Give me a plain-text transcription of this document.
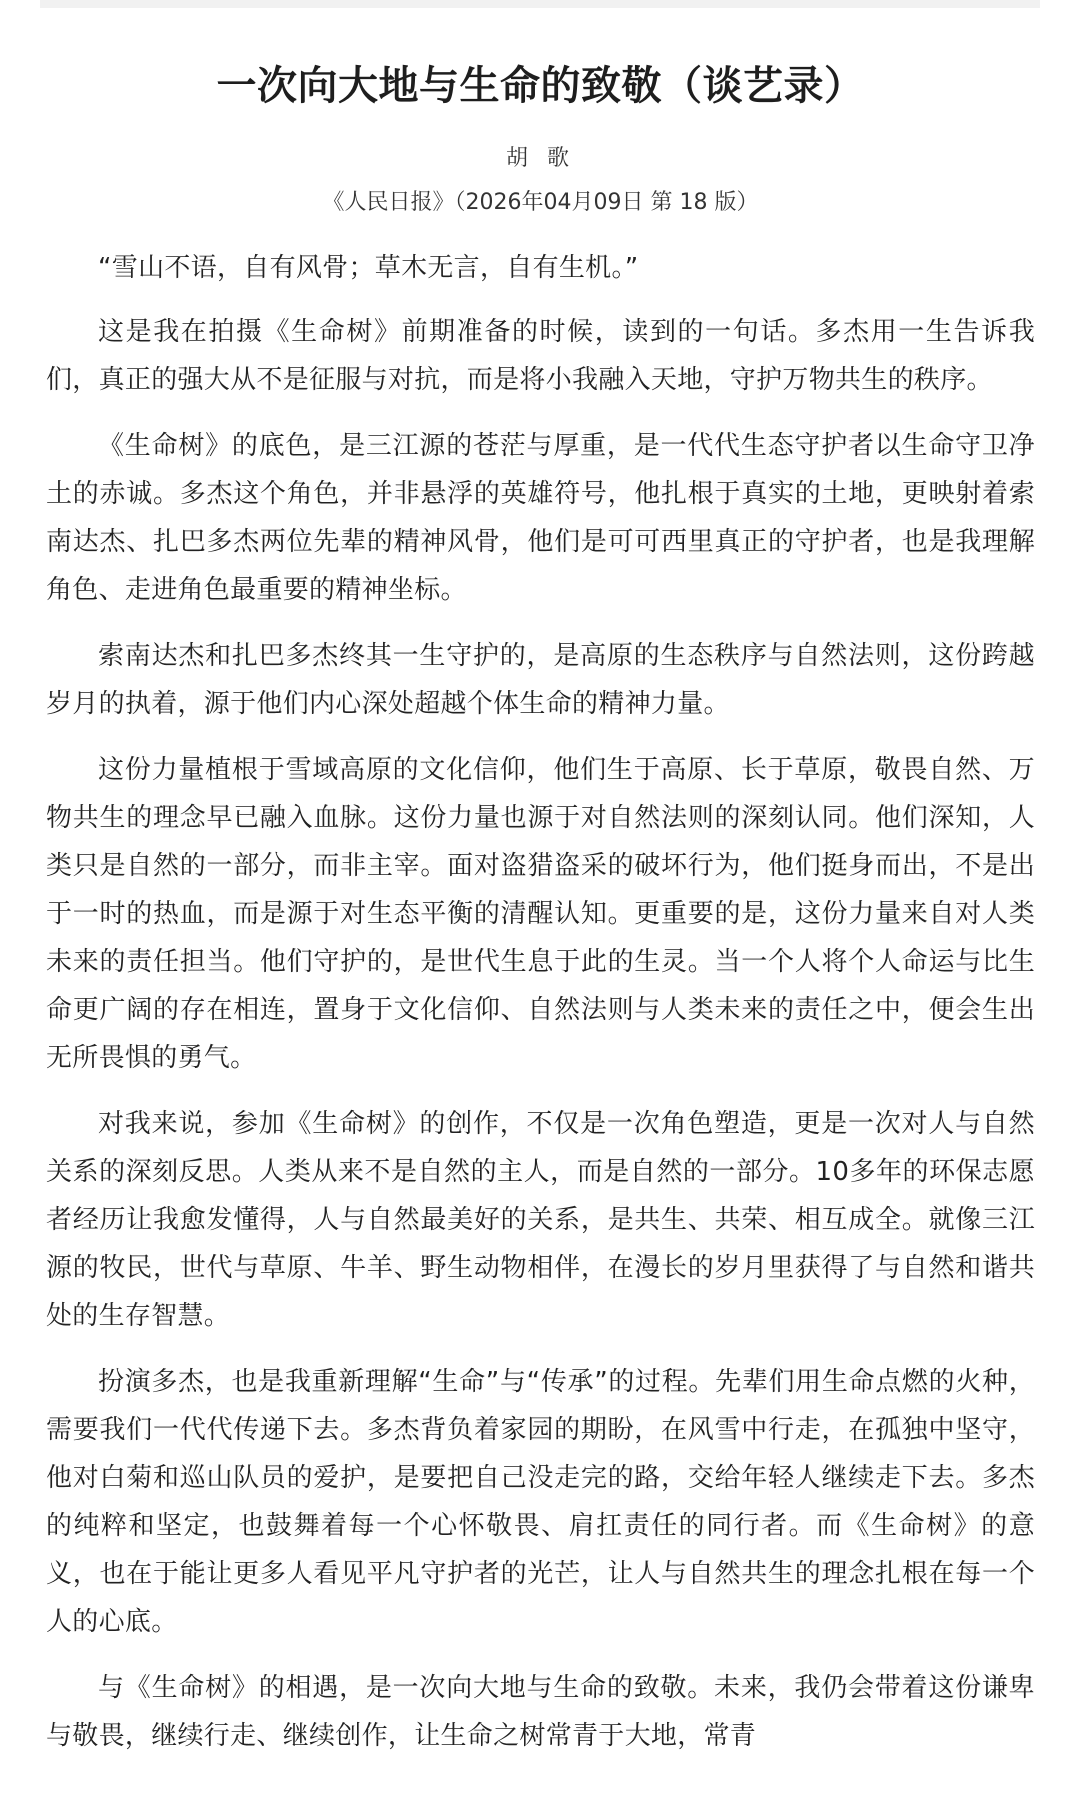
一次向大地与生命的致敬（谈艺录）
胡 歌
《人民日报》（2026年04月09日 第 18 版）

“雪山不语，自有风骨；草木无言，自有生机。”

这是我在拍摄《生命树》前期准备的时候，读到的一句话。多杰用一生告诉我们，真正的强大从不是征服与对抗，而是将小我融入天地，守护万物共生的秩序。

《生命树》的底色，是三江源的苍茫与厚重，是一代代生态守护者以生命守卫净土的赤诚。多杰这个角色，并非悬浮的英雄符号，他扎根于真实的土地，更映射着索南达杰、扎巴多杰两位先辈的精神风骨，他们是可可西里真正的守护者，也是我理解角色、走进角色最重要的精神坐标。

索南达杰和扎巴多杰终其一生守护的，是高原的生态秩序与自然法则，这份跨越岁月的执着，源于他们内心深处超越个体生命的精神力量。

这份力量植根于雪域高原的文化信仰，他们生于高原、长于草原，敬畏自然、万物共生的理念早已融入血脉。这份力量也源于对自然法则的深刻认同。他们深知，人类只是自然的一部分，而非主宰。面对盗猎盗采的破坏行为，他们挺身而出，不是出于一时的热血，而是源于对生态平衡的清醒认知。更重要的是，这份力量来自对人类未来的责任担当。他们守护的，是世代生息于此的生灵。当一个人将个人命运与比生命更广阔的存在相连，置身于文化信仰、自然法则与人类未来的责任之中，便会生出无所畏惧的勇气。

对我来说，参加《生命树》的创作，不仅是一次角色塑造，更是一次对人与自然关系的深刻反思。人类从来不是自然的主人，而是自然的一部分。10多年的环保志愿者经历让我愈发懂得，人与自然最美好的关系，是共生、共荣、相互成全。就像三江源的牧民，世代与草原、牛羊、野生动物相伴，在漫长的岁月里获得了与自然和谐共处的生存智慧。

扮演多杰，也是我重新理解“生命”与“传承”的过程。先辈们用生命点燃的火种，需要我们一代代传递下去。多杰背负着家园的期盼，在风雪中行走，在孤独中坚守，他对白菊和巡山队员的爱护，是要把自己没走完的路，交给年轻人继续走下去。多杰的纯粹和坚定，也鼓舞着每一个心怀敬畏、肩扛责任的同行者。而《生命树》的意义，也在于能让更多人看见平凡守护者的光芒，让人与自然共生的理念扎根在每一个人的心底。

与《生命树》的相遇，是一次向大地与生命的致敬。未来，我仍会带着这份谦卑与敬畏，继续行走、继续创作，让生命之树常青于大地，常青
